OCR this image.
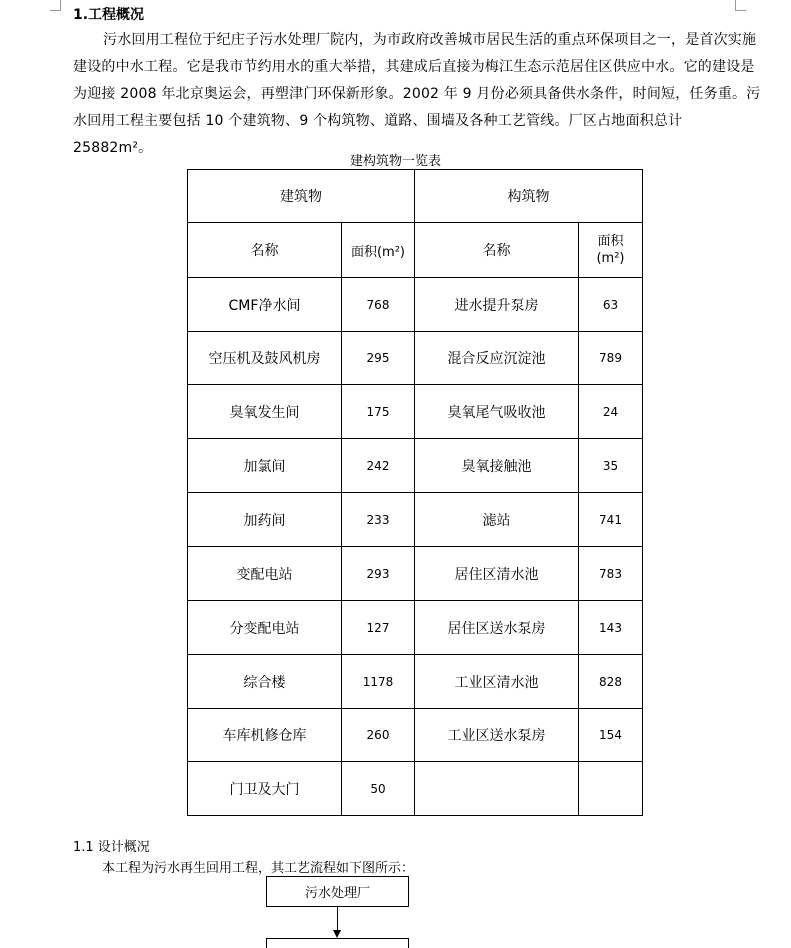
1.工程概况
污水回用工程位于纪庄子污水处理厂院内，为市政府改善城市居民生活的重点环保项目之一，是首次实施建设的中水工程。它是我市节约用水的重大举措，其建成后直接为梅江生态示范居住区供应中水。它的建设是为迎接 2008 年北京奥运会，再塑津门环保新形象。2002 年 9 月份必须具备供水条件，时间短，任务重。污水回用工程主要包括 10 个建筑物、9 个构筑物、道路、围墙及各种工艺管线。厂区占地面积总计 25882m²。
建构筑物一览表
建筑物		构筑物	
名称	面积(m²)	名称	面积(m²)
CMF净水间	768	进水提升泵房	63
空压机及鼓风机房	295	混合反应沉淀池	789
臭氧发生间	175	臭氧尾气吸收池	24
加氯间	242	臭氧接触池	35
加药间	233	滤站	741
变配电站	293	居住区清水池	783
分变配电站	127	居住区送水泵房	143
综合楼	1178	工业区清水池	828
车库机修仓库	260	工业区送水泵房	154
门卫及大门	50		
1.1 设计概况
本工程为污水再生回用工程，其工艺流程如下图所示：
污水处理厂
